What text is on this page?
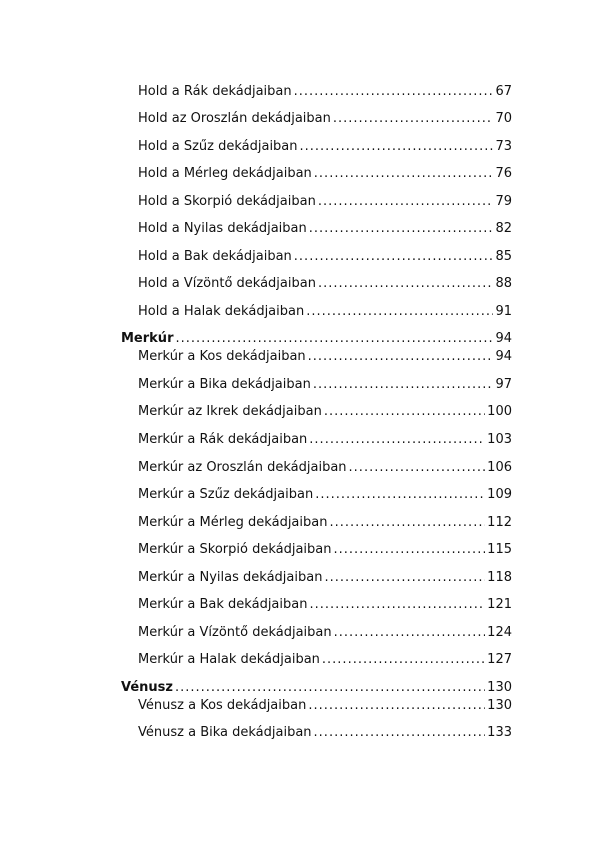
Hold a Rák dekádjaiban .....	67
Hold az Oroszlán dekádjaiban .....	70
Hold a Szűz dekádjaiban .....	73
Hold a Mérleg dekádjaiban .....	76
Hold a Skorpió dekádjaiban .....	79
Hold a Nyilas dekádjaiban .....	82
Hold a Bak dekádjaiban .....	85
Hold a Vízöntő dekádjaiban .....	88
Hold a Halak dekádjaiban .....	91
Merkúr .....	94
Merkúr a Kos dekádjaiban .....	94
Merkúr a Bika dekádjaiban .....	97
Merkúr az Ikrek dekádjaiban .....	100
Merkúr a Rák dekádjaiban .....	103
Merkúr az Oroszlán dekádjaiban .....	106
Merkúr a Szűz dekádjaiban .....	109
Merkúr a Mérleg dekádjaiban .....	112
Merkúr a Skorpió dekádjaiban .....	115
Merkúr a Nyilas dekádjaiban .....	118
Merkúr a Bak dekádjaiban .....	121
Merkúr a Vízöntő dekádjaiban .....	124
Merkúr a Halak dekádjaiban .....	127
Vénusz .....	130
Vénusz a Kos dekádjaiban .....	130
Vénusz a Bika dekádjaiban .....	133
